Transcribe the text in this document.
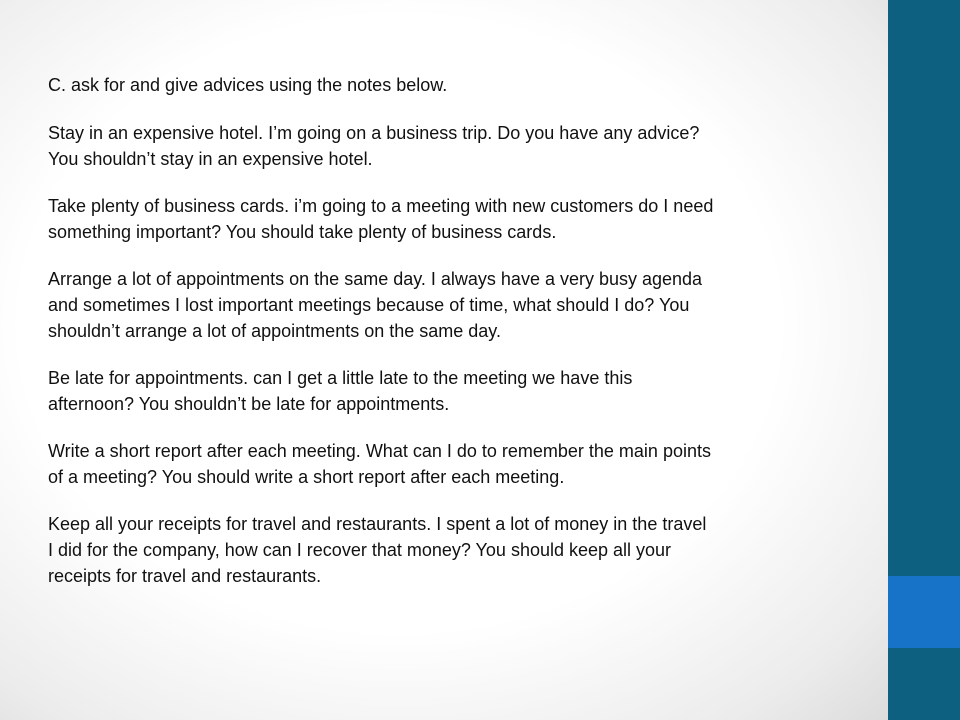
C. ask for and give advices using the notes below.
Stay in an expensive hotel. I’m going on a business trip. Do you have any advice?
You shouldn’t stay in an expensive hotel.
Take plenty of business cards. i’m going to a meeting with new customers do I need
something important? You should take plenty of business cards.
Arrange a lot of appointments on the same day. I always have a very busy agenda
and sometimes I lost important meetings because of time, what should I do? You
shouldn’t arrange a lot of appointments on the same day.
Be late for appointments. can I get a little late to the meeting we have this
afternoon? You shouldn’t be late for appointments.
Write a short report after each meeting. What can I do to remember the main points
of a meeting? You should write a short report after each meeting.
Keep all your receipts for travel and restaurants. I spent a lot of money in the travel
I did for the company, how can I recover that money? You should keep all your
receipts for travel and restaurants.
